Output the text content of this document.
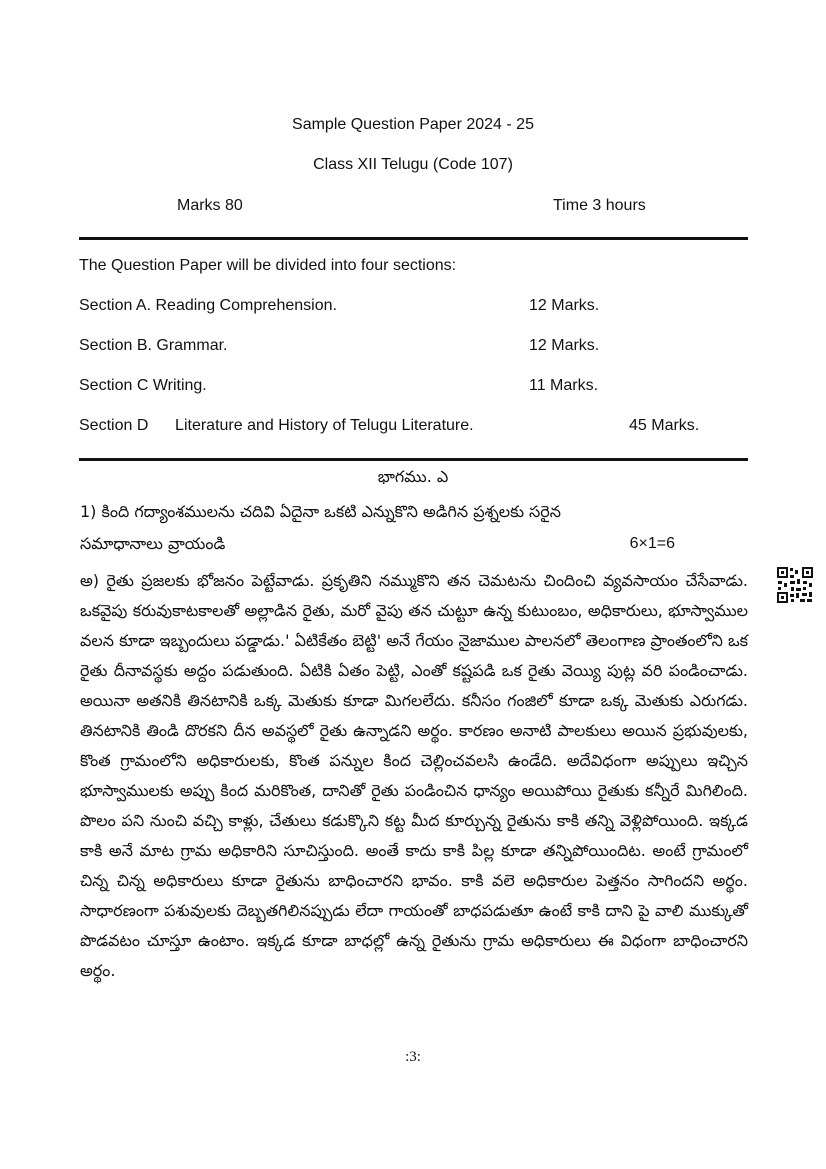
Sample Question Paper 2024 - 25
Class XII Telugu (Code 107)
Marks 80	Time 3 hours
The Question Paper will be divided into four sections:
Section A. Reading Comprehension.	12 Marks.
Section B. Grammar.	12 Marks.
Section C Writing.	11 Marks.
Section D      Literature and History of Telugu Literature.	45 Marks.
భాగము. ఎ
1) కింది గద్యాంశములను చదివి ఏదైనా ఒకటి ఎన్నుకొని అడిగిన ప్రశ్నలకు సరైన
సమాధానాలు వ్రాయండి	6×1=6
అ) రైతు ప్రజలకు భోజనం పెట్టేవాడు. ప్రకృతిని నమ్ముకొని తన చెమటను చిందించి వ్యవసాయం చేసేవాడు. ఒకవైపు కరువుకాటకాలతో అల్లాడిన రైతు, మరో వైపు తన చుట్టూ ఉన్న కుటుంబం, అధికారులు, భూస్వాముల వలన కూడా ఇబ్బందులు పడ్డాడు.' ఏటికేతం బెట్టి' అనే గేయం నైజాముల పాలనలో తెలంగాణ ప్రాంతంలోని ఒక రైతు దీనావస్థకు అద్దం పడుతుంది. ఏటికి ఏతం పెట్టి, ఎంతో కష్టపడి ఒక రైతు వెయ్యి పుట్ల వరి పండించాడు. అయినా అతనికి తినటానికి ఒక్క మెతుకు కూడా మిగలలేదు. కనీసం గంజిలో కూడా ఒక్క మెతుకు ఎరుగడు. తినటానికి తిండి దొరకని దీన అవస్థలో రైతు ఉన్నాడని అర్థం. కారణం అనాటి పాలకులు అయిన ప్రభువులకు, కొంత గ్రామంలోని అధికారులకు, కొంత పన్నుల కింద చెల్లించవలసి ఉండేది. అదేవిధంగా అప్పులు ఇచ్చిన భూస్వాములకు అప్పు కింద మరికొంత, దానితో రైతు పండించిన ధాన్యం అయిపోయి రైతుకు కన్నీరే మిగిలింది. పొలం పని నుంచి వచ్చి కాళ్లు, చేతులు కడుక్కొని కట్ట మీద కూర్చున్న రైతును కాకి తన్ని వెళ్లిపోయింది. ఇక్కడ కాకి అనే మాట గ్రామ అధికారిని సూచిస్తుంది. అంతే కాదు కాకి పిల్ల కూడా తన్నిపోయిందిట. అంటే గ్రామంలో చిన్న చిన్న అధికారులు కూడా రైతును బాధించారని భావం. కాకి వలె అధికారుల పెత్తనం సాగిందని అర్థం. సాధారణంగా పశువులకు దెబ్బతగిలినప్పుడు లేదా గాయంతో బాధపడుతూ ఉంటే కాకి దాని పై వాలి ముక్కుతో పొడవటం చూస్తూ ఉంటాం. ఇక్కడ కూడా బాధల్లో ఉన్న రైతును గ్రామ అధికారులు ఈ విధంగా బాధించారని అర్థం.
:3:
